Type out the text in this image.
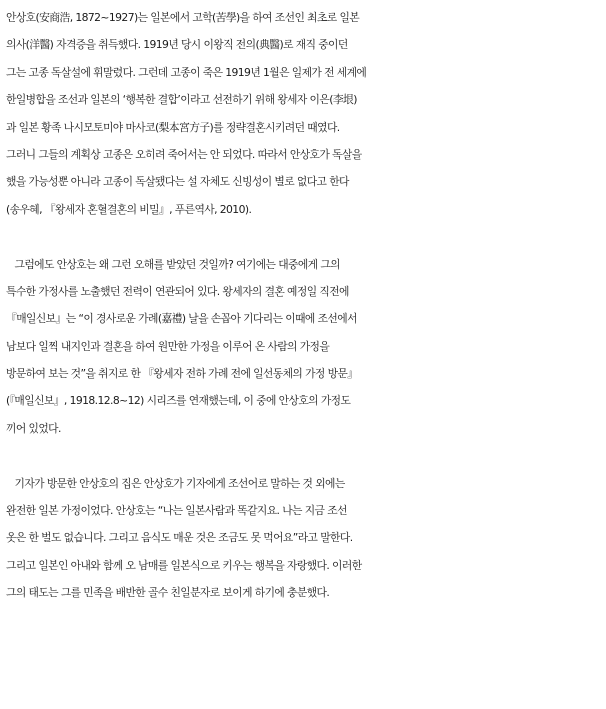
안상호(安商浩, 1872~1927)는 일본에서 고학(苦學)을 하여 조선인 최초로 일본
의사(洋醫) 자격증을 취득했다. 1919년 당시 이왕직 전의(典醫)로 재직 중이던
그는 고종 독살설에 휘말렸다. 그런데 고종이 죽은 1919년 1월은 일제가 전 세계에
한일병합을 조선과 일본의 ‘행복한 결합’이라고 선전하기 위해 왕세자 이은(李垠)
과 일본 황족 나시모토미야 마사코(梨本宮方子)를 정략결혼시키려던 때였다.
그러니 그들의 계획상 고종은 오히려 죽어서는 안 되었다. 따라서 안상호가 독살을
했을 가능성뿐 아니라 고종이 독살됐다는 설 자체도 신빙성이 별로 없다고 한다
(송우혜, 『왕세자 혼혈결혼의 비밀』, 푸른역사, 2010).
그럼에도 안상호는 왜 그런 오해를 받았던 것일까? 여기에는 대중에게 그의
특수한 가정사를 노출했던 전력이 연관되어 있다. 왕세자의 결혼 예정일 직전에
『매일신보』는 “이 경사로운 가례(嘉禮) 날을 손꼽아 기다리는 이때에 조선에서
남보다 일찍 내지인과 결혼을 하여 원만한 가정을 이루어 온 사람의 가정을
방문하여 보는 것”을 취지로 한 『왕세자 전하 가례 전에 일선동체의 가정 방문』
(『매일신보』, 1918.12.8~12) 시리즈를 연재했는데, 이 중에 안상호의 가정도
끼어 있었다.
기자가 방문한 안상호의 집은 안상호가 기자에게 조선어로 말하는 것 외에는
완전한 일본 가정이었다. 안상호는 “나는 일본사람과 똑같지요. 나는 지금 조선
옷은 한 벌도 없습니다. 그리고 음식도 매운 것은 조금도 못 먹어요”라고 말한다.
그리고 일본인 아내와 함께 오 남매를 일본식으로 키우는 행복을 자랑했다. 이러한
그의 태도는 그를 민족을 배반한 골수 친일분자로 보이게 하기에 충분했다.
